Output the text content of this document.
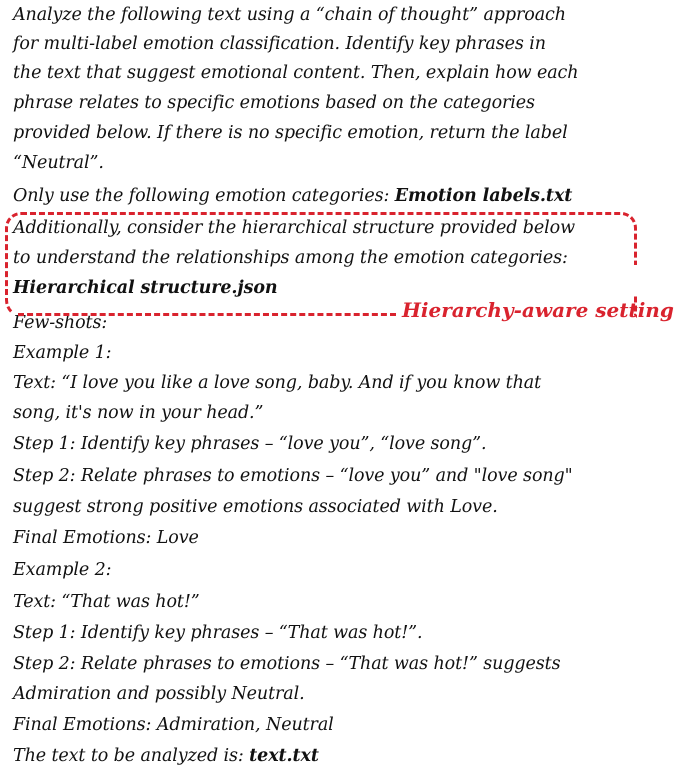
Analyze the following text using a “chain of thought” approach
for multi-label emotion classification. Identify key phrases in
the text that suggest emotional content. Then, explain how each
phrase relates to specific emotions based on the categories
provided below. If there is no specific emotion, return the label
“Neutral”.
Only use the following emotion categories: Emotion labels.txt
Additionally, consider the hierarchical structure provided below
to understand the relationships among the emotion categories:
Hierarchical structure.json
Few-shots:
Example 1:
Text: “I love you like a love song, baby. And if you know that
song, it's now in your head.”
Step 1: Identify key phrases – “love you”, “love song”.
Step 2: Relate phrases to emotions – “love you” and "love song"
suggest strong positive emotions associated with Love.
Final Emotions: Love
Example 2:
Text: “That was hot!”
Step 1: Identify key phrases – “That was hot!”.
Step 2: Relate phrases to emotions – “That was hot!” suggests
Admiration and possibly Neutral.
Final Emotions: Admiration, Neutral
The text to be analyzed is: text.txt
Hierarchy-aware setting
